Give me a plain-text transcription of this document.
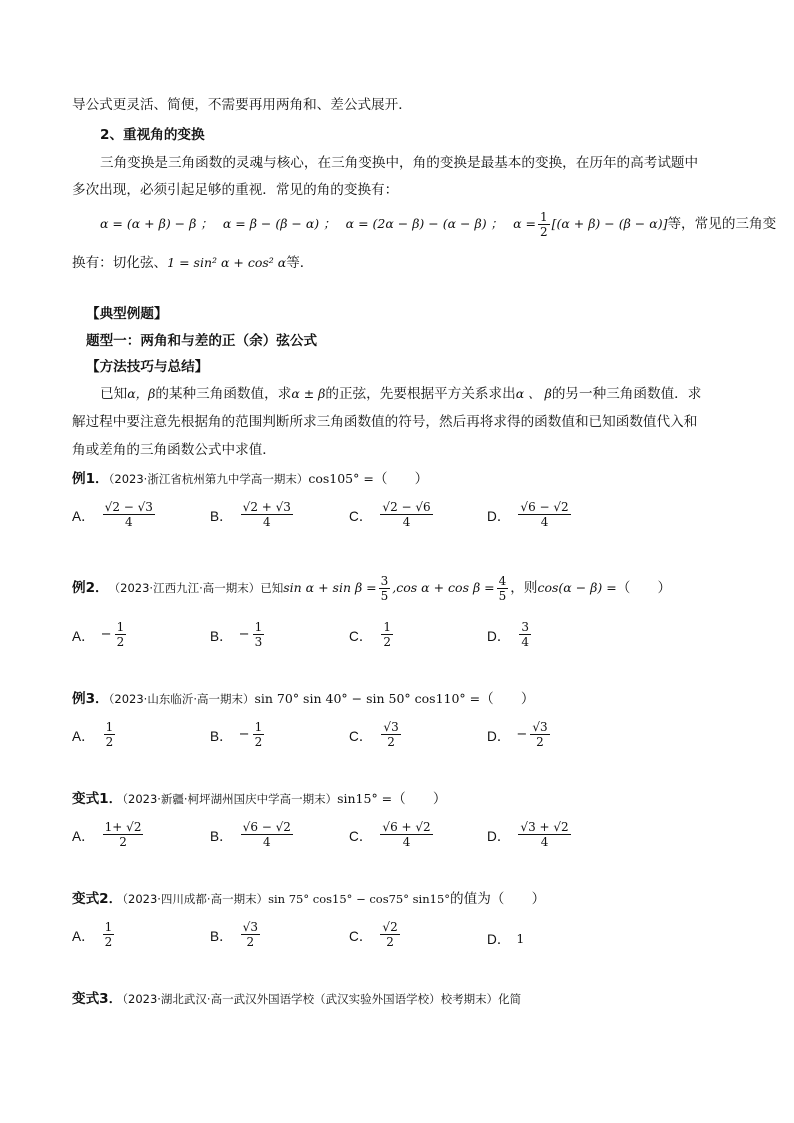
导公式更灵活、简便，不需要再用两角和、差公式展开．
2、重视角的变换
三角变换是三角函数的灵魂与核心，在三角变换中，角的变换是最基本的变换，在历年的高考试题中
多次出现，必须引起足够的重视．常见的角的变换有：
α = (α + β) − β ； α = β − (β − α) ； α = (2α − β) − (α − β) ； $\alpha = \frac{1}{2} [(\alpha + \beta) - (\beta - \alpha)]$ 等，常见的三角变
换有：切化弦、1 = sin² α + cos² α等．
【典型例题】
题型一：两角和与差的正（余）弦公式
【方法技巧与总结】
已知α，β的某种三角函数值，求α ± β的正弦，先要根据平方关系求出α 、 β的另一种三角函数值．求
解过程中要注意先根据角的范围判断所求三角函数值的符号，然后再将求得的函数值和已知函数值代入和
角或差角的三角函数公式中求值．
例1．（2023·浙江省杭州第九中学高一期末）cos105° =（　　）
A． $\frac{√2 - √3}{4}$	B． $\frac{√2 + √3}{4}$	C． $\frac{√2 - √6}{4}$	D． $\frac{√6 - √2}{4}$
例2． （2023·江西九江·高一期末）已知 $\sin \alpha + \sin \beta = \frac{3}{5} ,\cos$ $\alpha + \cos \beta = \frac{4}{5}$ ，则 cos(α − β) = （　　）
A． − $\frac{1}{2}$	B． − $\frac{1}{3}$	C． $\frac{1}{2}$	D． $\frac{3}{4}$
例3．（2023·山东临沂·高一期末）sin 70° sin 40° − sin 50° cos110° =（　　）
A． $\frac{1}{2}$	B． − $\frac{1}{2}$	C． $\frac{√3}{2}$	D． − $\frac{√3}{2}$
变式1．（2023·新疆·柯坪湖州国庆中学高一期末）sin15° =（　　）
A． $\frac{1+ √2}{2}$	B． $\frac{√6 - √2}{4}$	C． $\frac{√6 + √2}{4}$	D． $\frac{√3 + √2}{4}$
变式2．（2023·四川成都·高一期末）sin 75° cos15° − cos75° sin15°的值为（　　）
A． $\frac{1}{2}$	B． $\frac{√3}{2}$	C． $\frac{√2}{2}$	D． 1
变式3．（2023·湖北武汉·高一武汉外国语学校（武汉实验外国语学校）校考期末）化简
